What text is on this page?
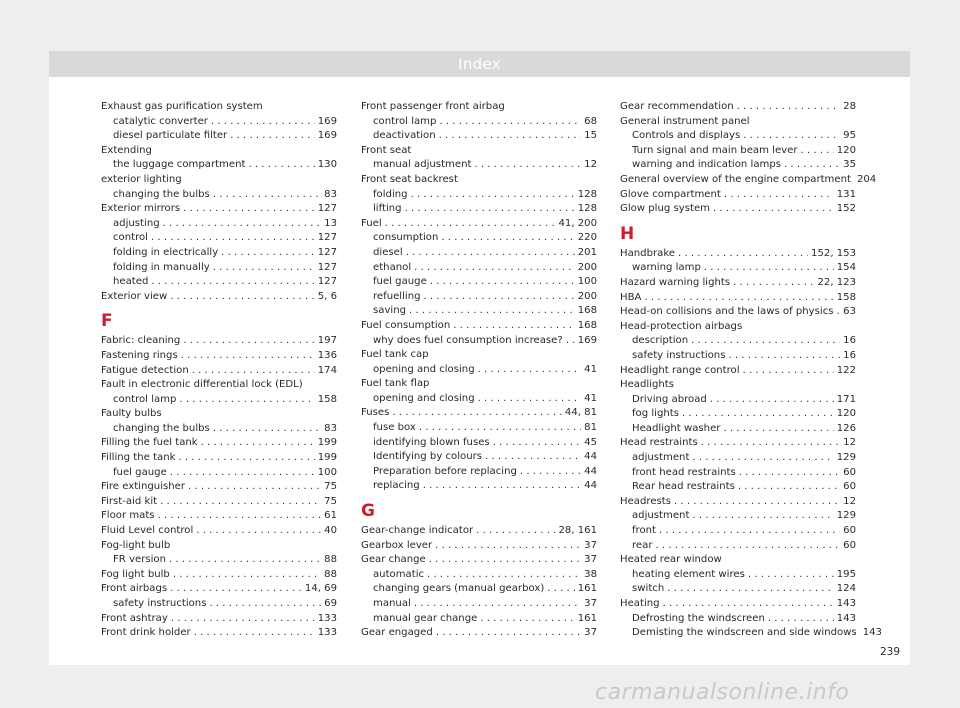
Index
Exhaust gas purification system
catalytic converter . . .	169
diesel particulate filter . . .	169
Extending
the luggage compartment . . .	130
exterior lighting
changing the bulbs . . .	83
Exterior mirrors . . .	127
adjusting . . .	13
control . . .	127
folding in electrically . . .	127
folding in manually . . .	127
heated . . .	127
Exterior view . . .	5, 6
F
Fabric: cleaning . . .	197
Fastening rings . . .	136
Fatigue detection . . .	174
Fault in electronic differential lock (EDL)
control lamp . . .	158
Faulty bulbs
changing the bulbs . . .	83
Filling the fuel tank . . .	199
Filling the tank . . .	199
fuel gauge . . .	100
Fire extinguisher . . .	75
First-aid kit . . .	75
Floor mats . . .	61
Fluid Level control . . .	40
Fog-light bulb
FR version . . .	88
Fog light bulb . . .	88
Front airbags . . .	14, 69
safety instructions . . .	69
Front ashtray . . .	133
Front drink holder . . .	133
Front passenger front airbag
control lamp . . .	68
deactivation . . .	15
Front seat
manual adjustment . . .	12
Front seat backrest
folding . . .	128
lifting . . .	128
Fuel . . .	41, 200
consumption . . .	220
diesel . . .	201
ethanol . . .	200
fuel gauge . . .	100
refuelling . . .	200
saving . . .	168
Fuel consumption . . .	168
why does fuel consumption increase? . . . 169
Fuel tank cap
opening and closing . . .	41
Fuel tank flap
opening and closing . . .	41
Fuses . . .	44, 81
fuse box . . .	81
identifying blown fuses . . .	45
Identifying by colours . . .	44
Preparation before replacing . . .	44
replacing . . .	44
G
Gear-change indicator . . .	28, 161
Gearbox lever . . .	37
Gear change . . .	37
automatic . . .	38
changing gears (manual gearbox) . . .	161
manual . . .	37
manual gear change . . .	161
Gear engaged . . .	37
Gear recommendation . . .	28
General instrument panel
Controls and displays . . .	95
Turn signal and main beam lever . . .	120
warning and indication lamps . . .	35
General overview of the engine compartment 204
Glove compartment . . .	131
Glow plug system . . .	152
H
Handbrake . . .	152, 153
warning lamp . . .	154
Hazard warning lights . . .	22, 123
HBA . . .	158
Head-on collisions and the laws of physics . . . 63
Head-protection airbags
description . . .	16
safety instructions . . .	16
Headlight range control . . .	122
Headlights
Driving abroad . . .	171
fog lights . . .	120
Headlight washer . . .	126
Head restraints . . .	12
adjustment . . .	129
front head restraints . . .	60
Rear head restraints . . .	60
Headrests . . .	12
adjustment . . .	129
front . . .	60
rear . . .	60
Heated rear window
heating element wires . . .	195
switch . . .	124
Heating . . .	143
Defrosting the windscreen . . .	143
Demisting the windscreen and side windows 143
239
carmanualsonline.info
